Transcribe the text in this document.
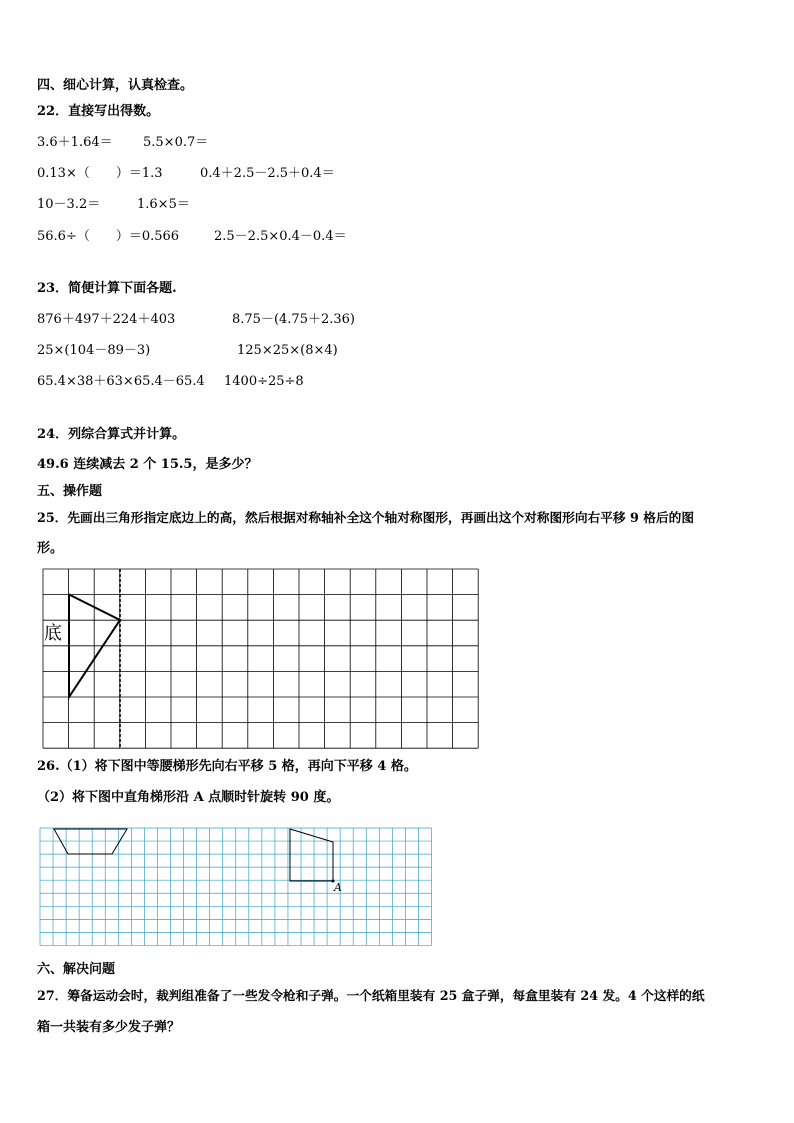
四、细心计算，认真检查。
22．直接写出得数。
3.6＋1.64＝ 5.5×0.7＝
0.13×（　　）＝1.3	0.4＋2.5－2.5＋0.4＝
10－3.2＝	1.6×5＝
56.6÷（　　）＝0.566	2.5－2.5×0.4－0.4＝
23．简便计算下面各题.
876＋497＋224＋403	8.75－(4.75＋2.36)
25×(104－89－3)	125×25×(8×4)
65.4×38＋63×65.4－65.4 1400÷25÷8
24．列综合算式并计算。
49.6 连续减去 2 个 15.5，是多少？
五、操作题
25．先画出三角形指定底边上的高，然后根据对称轴补全这个轴对称图形，再画出这个对称图形向右平移 9 格后的图
形。
底
26.（1）将下图中等腰梯形先向右平移 5 格，再向下平移 4 格。
（2）将下图中直角梯形沿 A 点顺时针旋转 90 度。
A
六、解决问题
27．筹备运动会时，裁判组准备了一些发令枪和子弹。一个纸箱里装有 25 盒子弹，每盒里装有 24 发。4 个这样的纸
箱一共装有多少发子弹？
